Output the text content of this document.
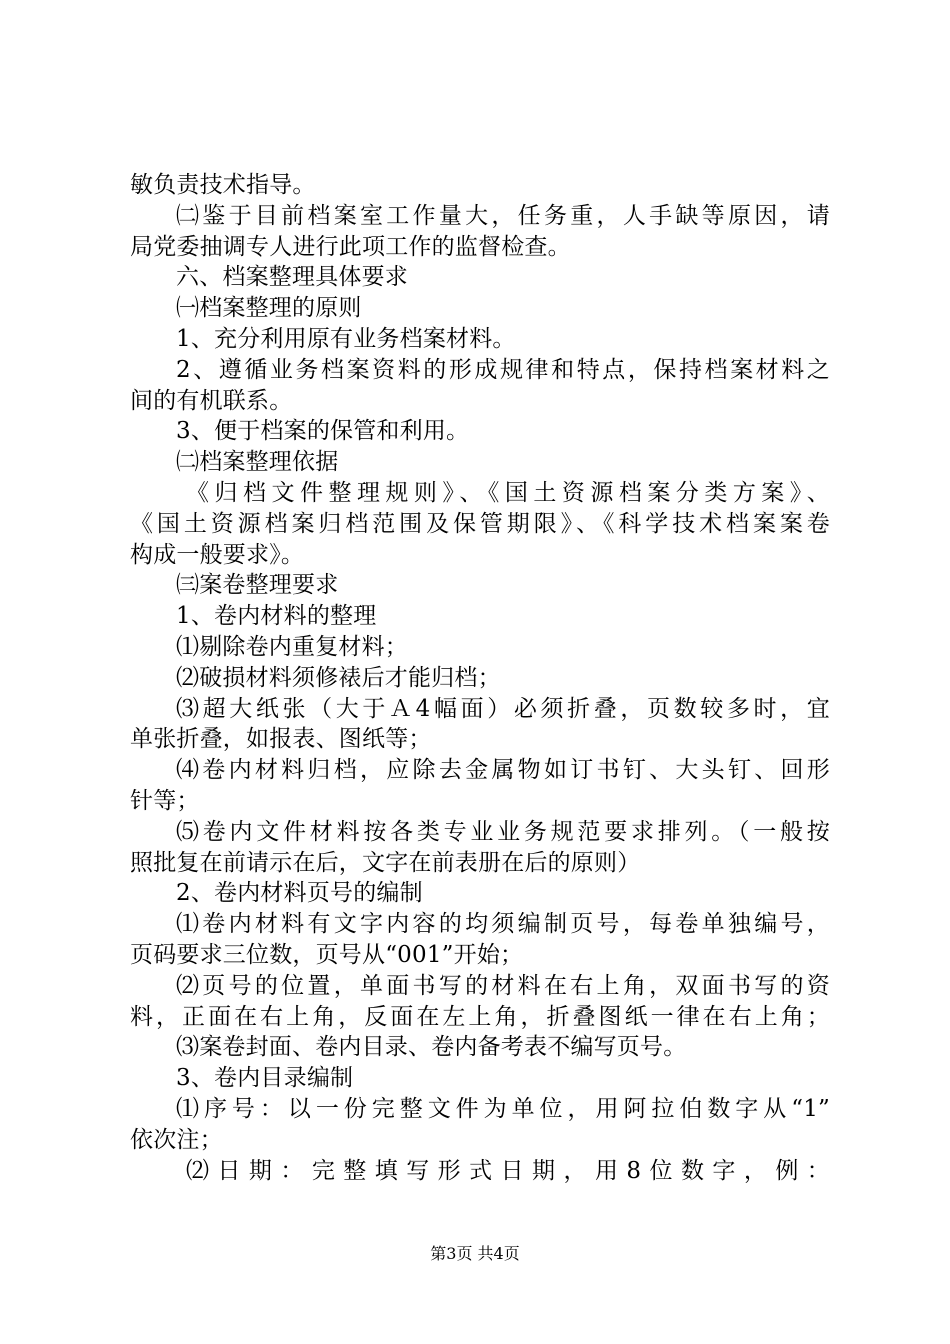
敏负责技术指导。
㈡鉴于目前档案室工作量大，任务重，人手缺等原因，请
局党委抽调专人进行此项工作的监督检查。
六、档案整理具体要求
㈠档案整理的原则
1、充分利用原有业务档案材料。
2、遵循业务档案资料的形成规律和特点，保持档案材料之
间的有机联系。
3、便于档案的保管和利用。
㈡档案整理依据
《归档文件整理规则》、《国土资源档案分类方案》、
《国土资源档案归档范围及保管期限》、《科学技术档案案卷
构成一般要求》。
㈢案卷整理要求
1、卷内材料的整理
⑴剔除卷内重复材料；
⑵破损材料须修裱后才能归档；
⑶超大纸张（大于Ａ4幅面）必须折叠，页数较多时，宜
单张折叠，如报表、图纸等；
⑷卷内材料归档，应除去金属物如订书钉、大头钉、回形
针等；
⑸卷内文件材料按各类专业业务规范要求排列。（一般按
照批复在前请示在后，文字在前表册在后的原则）
2、卷内材料页号的编制
⑴卷内材料有文字内容的均须编制页号，每卷单独编号，
页码要求三位数，页号从“001”开始；
⑵页号的位置，单面书写的材料在右上角，双面书写的资
料，正面在右上角，反面在左上角，折叠图纸一律在右上角；
⑶案卷封面、卷内目录、卷内备考表不编写页号。
3、卷内目录编制
⑴序号：以一份完整文件为单位，用阿拉伯数字从“1”
依次注；
⑵日期：完整填写形式日期，用8位数字，例：
第3页 共4页
